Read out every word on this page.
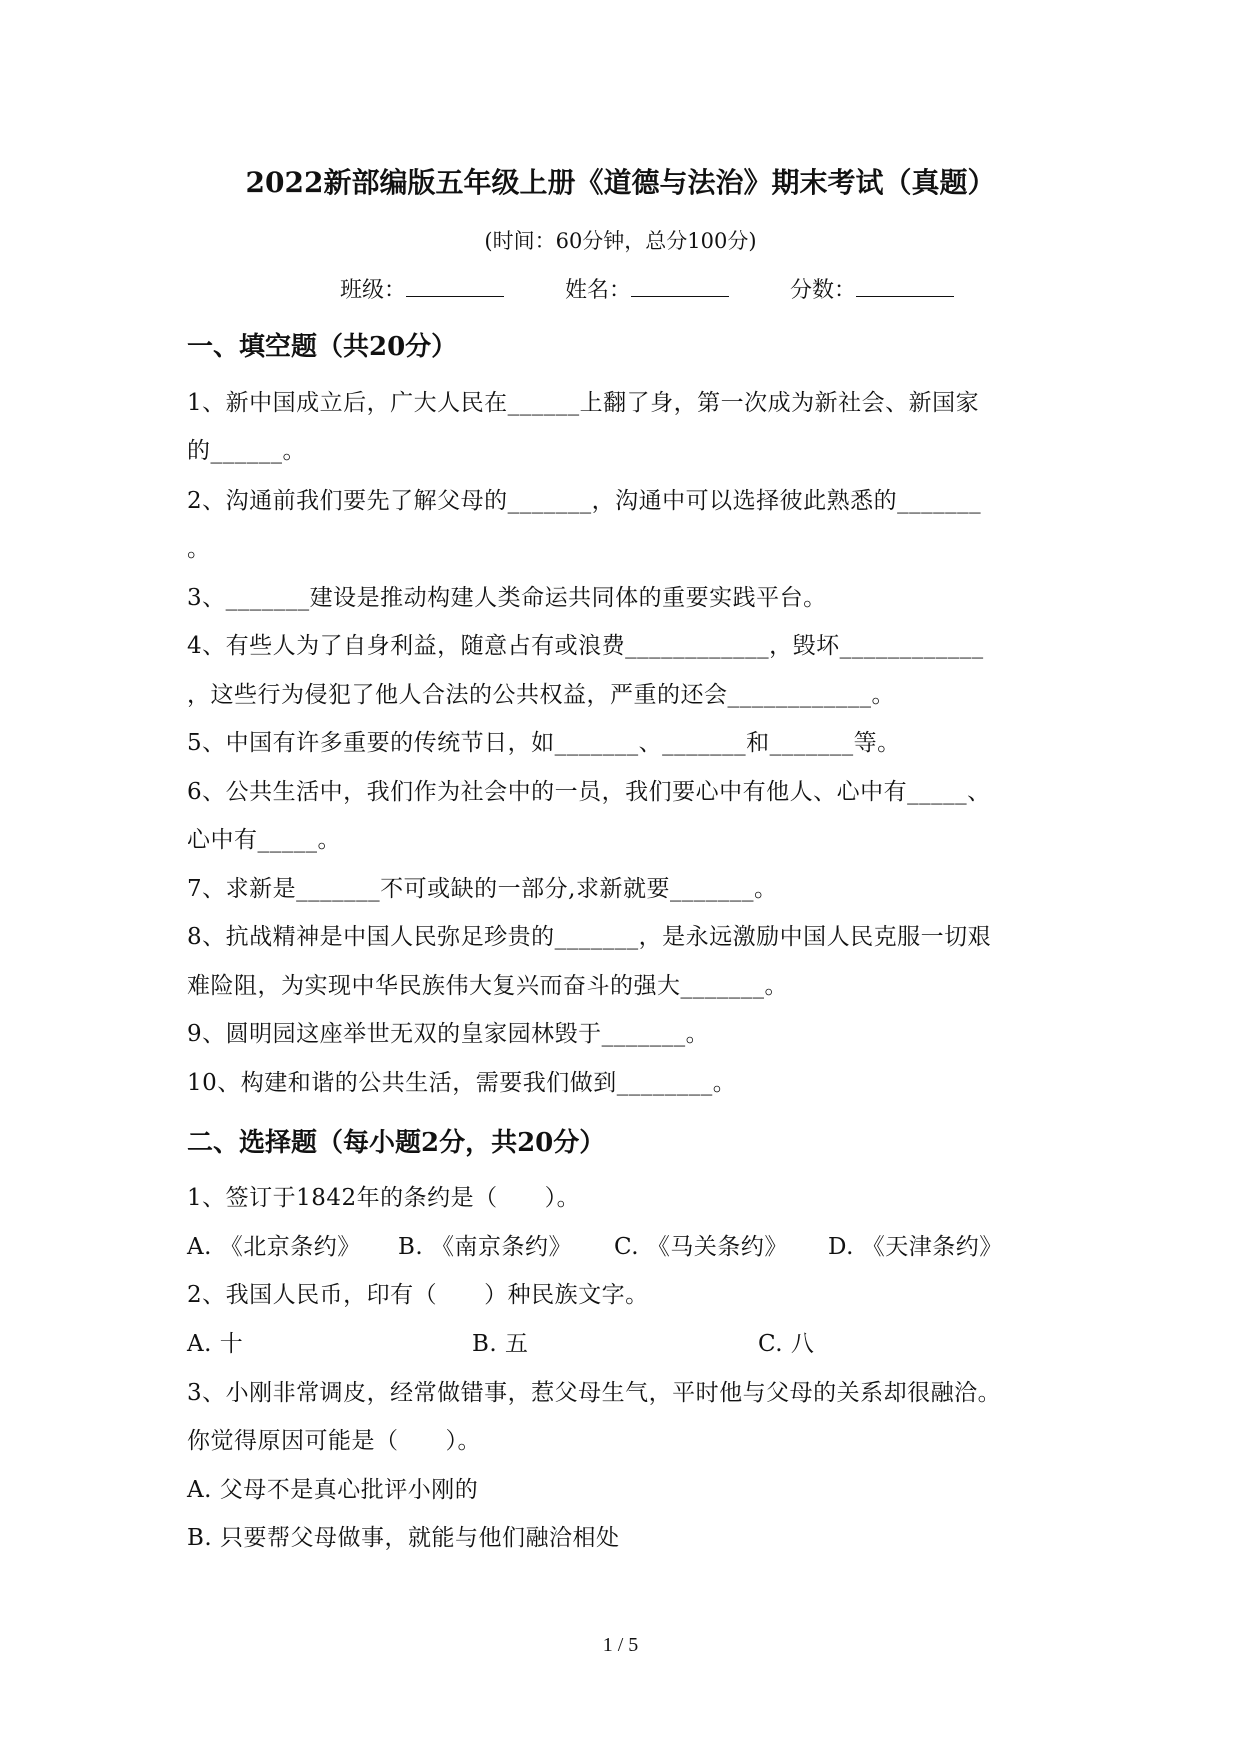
2022新部编版五年级上册《道德与法治》期末考试（真题）
(时间：60分钟，总分100分)
班级：	姓名：	分数：
一、填空题（共20分）
1、新中国成立后，广大人民在______上翻了身，第一次成为新社会、新国家
的______。
2、沟通前我们要先了解父母的_______，沟通中可以选择彼此熟悉的_______
。
3、_______建设是推动构建人类命运共同体的重要实践平台。
4、有些人为了自身利益，随意占有或浪费____________，毁坏____________
，这些行为侵犯了他人合法的公共权益，严重的还会____________。
5、中国有许多重要的传统节日，如_______、_______和_______等。
6、公共生活中，我们作为社会中的一员，我们要心中有他人、心中有_____、
心中有_____。
7、求新是_______不可或缺的一部分,求新就要_______。
8、抗战精神是中国人民弥足珍贵的_______，是永远激励中国人民克服一切艰
难险阻，为实现中华民族伟大复兴而奋斗的强大_______。
9、圆明园这座举世无双的皇家园林毁于_______。
10、构建和谐的公共生活，需要我们做到________。
二、选择题（每小题2分，共20分）
1、签订于1842年的条约是（　　）。
A. 《北京条约》 B. 《南京条约》 C. 《马关条约》 D. 《天津条约》
2、我国人民币，印有（　　）种民族文字。
A. 十	B. 五	C. 八
3、小刚非常调皮，经常做错事，惹父母生气，平时他与父母的关系却很融洽。
你觉得原因可能是（　　）。
A. 父母不是真心批评小刚的
B. 只要帮父母做事，就能与他们融洽相处
1 / 5
